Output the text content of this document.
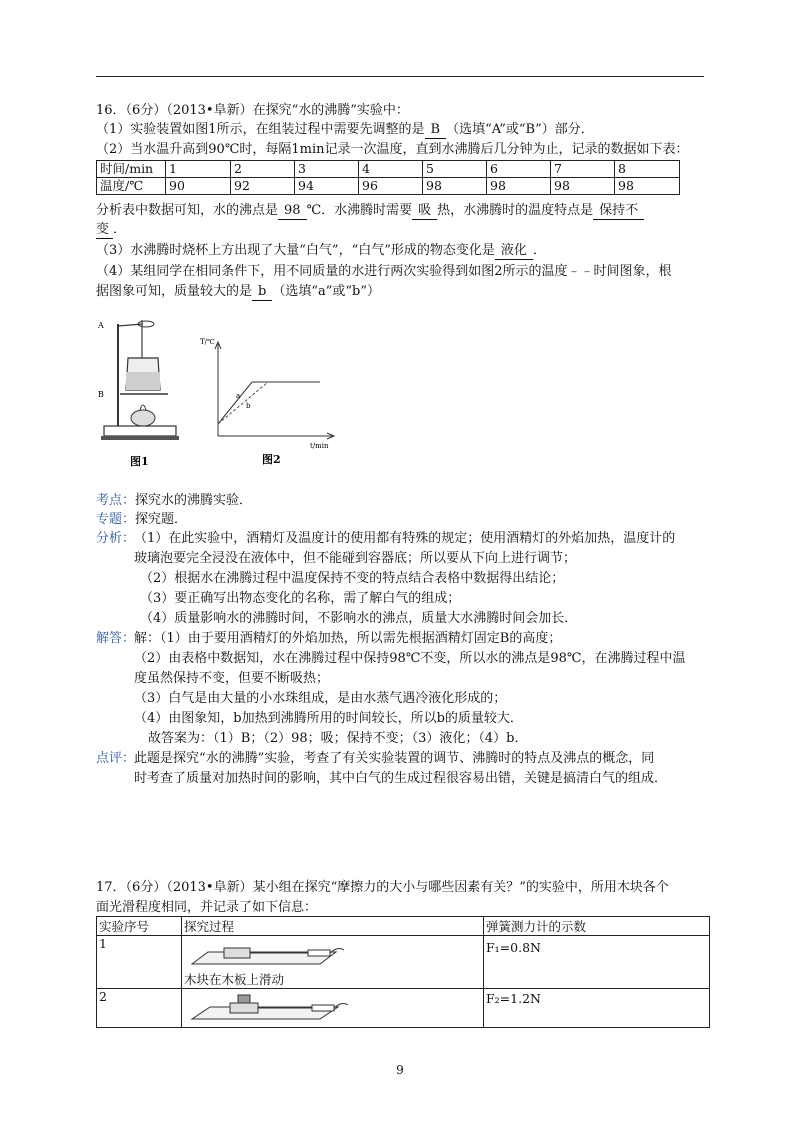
16．（6分）（2013•阜新）在探究“水的沸腾”实验中：
（1）实验装置如图1所示，在组装过程中需要先调整的是 B （选填“A”或“B”）部分．
（2）当水温升高到90℃时，每隔1min记录一次温度，直到水沸腾后几分钟为止，记录的数据如下表：
时间/min	1	2	3	4	5	6	7	8
温度/℃	90	92	94	96	98	98	98	98
分析表中数据可知，水的沸点是 98 ℃．水沸腾时需要 吸 热，水沸腾时的温度特点是 保持不
变 ．
（3）水沸腾时烧杯上方出现了大量“白气”，“白气”形成的物态变化是 液化 ．
（4）某组同学在相同条件下，用不同质量的水进行两次实验得到如图2所示的温度﹣﹣时间图象，根
据图象可知，质量较大的是 b （选填“a”或“b”）
A
B
图1
T/℃
t/min
a
b
图2
考点：探究水的沸腾实验．
专题：探究题．
分析：
（1）在此实验中，酒精灯及温度计的使用都有特殊的规定；使用酒精灯的外焰加热，温度计的
玻璃泡要完全浸没在液体中，但不能碰到容器底；所以要从下向上进行调节；
（2）根据水在沸腾过程中温度保持不变的特点结合表格中数据得出结论；
（3）要正确写出物态变化的名称，需了解白气的组成；
（4）质量影响水的沸腾时间，不影响水的沸点，质量大水沸腾时间会加长．
解答：
解：（1）由于要用酒精灯的外焰加热，所以需先根据酒精灯固定B的高度；
（2）由表格中数据知，水在沸腾过程中保持98℃不变，所以水的沸点是98℃，在沸腾过程中温
度虽然保持不变，但要不断吸热；
（3）白气是由大量的小水珠组成，是由水蒸气遇冷液化形成的；
（4）由图象知，b加热到沸腾所用的时间较长，所以b的质量较大．
故答案为：（1）B；（2）98；吸；保持不变；（3）液化；（4）b．
点评：
此题是探究“水的沸腾”实验，考查了有关实验装置的调节、沸腾时的特点及沸点的概念，同
时考查了质量对加热时间的影响，其中白气的生成过程很容易出错，关键是搞清白气的组成．
17．（6分）（2013•阜新）某小组在探究“摩擦力的大小与哪些因素有关？”的实验中，所用木块各个
面光滑程度相同，并记录了如下信息：
实验序号	探究过程	弹簧测力计的示数
1	木块在木板上滑动	F₁=0.8N
2		F₂=1.2N
9
